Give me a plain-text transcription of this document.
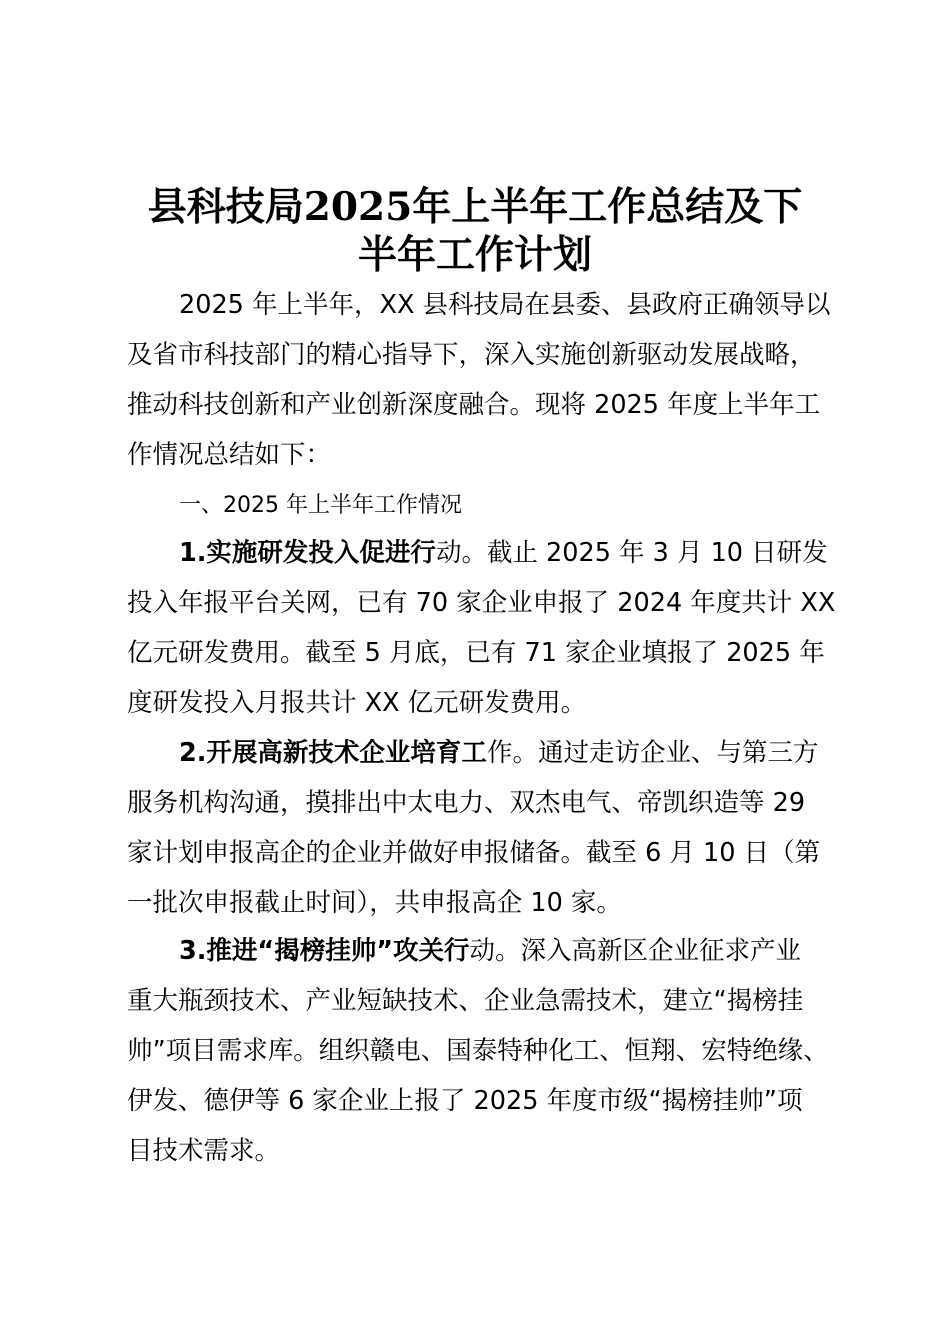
县科技局2025年上半年工作总结及下
半年工作计划
2025 年上半年，XX 县科技局在县委、县政府正确领导以
及省市科技部门的精心指导下，深入实施创新驱动发展战略，
推动科技创新和产业创新深度融合。现将 2025 年度上半年工
作情况总结如下：
一、2025 年上半年工作情况
1.实施研发投入促进行动。截止 2025 年 3 月 10 日研发
投入年报平台关网，已有 70 家企业申报了 2024 年度共计 XX
亿元研发费用。截至 5 月底，已有 71 家企业填报了 2025 年
度研发投入月报共计 XX 亿元研发费用。
2.开展高新技术企业培育工作。通过走访企业、与第三方
服务机构沟通，摸排出中太电力、双杰电气、帝凯织造等 29
家计划申报高企的企业并做好申报储备。截至 6 月 10 日（第
一批次申报截止时间），共申报高企 10 家。
3.推进“揭榜挂帅”攻关行动。深入高新区企业征求产业
重大瓶颈技术、产业短缺技术、企业急需技术，建立“揭榜挂
帅”项目需求库。组织赣电、国泰特种化工、恒翔、宏特绝缘、
伊发、德伊等 6 家企业上报了 2025 年度市级“揭榜挂帅”项
目技术需求。
